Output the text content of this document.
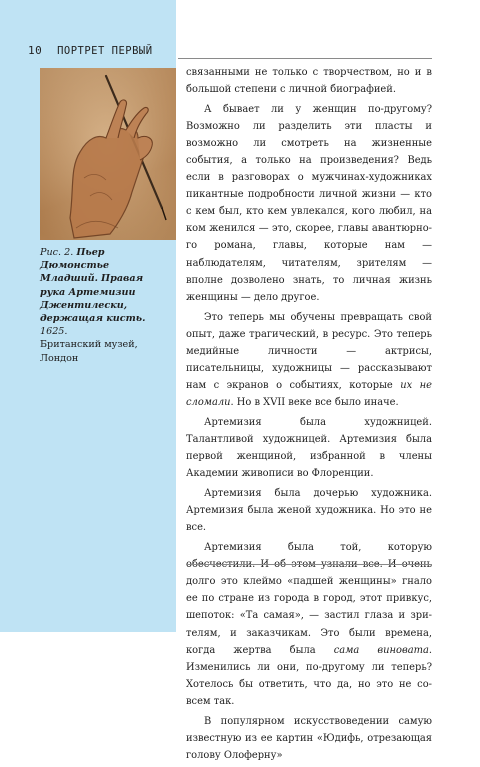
10 ПОРТРЕТ ПЕРВЫЙ
Рис. 2. Пьер Дюмонстье Младший. Правая рука Артемизии Джентилески, держащая кисть. 1625.
Британский музей, Лондон

связанными не только с творчеством, но и в большой степени с личной биографией.

А бывает ли у женщин по-другому? Возможно ли разделить эти пласты и возможно ли смотреть на жизненные события, а только на произведения? Ведь если в разговорах о мужчинах-художниках пикантные подробности личной жизни — кто с кем был, кто кем увлекался, кого любил, на ком женился — это, скорее, главы авантюрного романа, главы, которые нам — наблюдателям, читателям, зрителям — вполне дозволено знать, то личная жизнь женщины — дело другое.

Это теперь мы обучены превращать свой опыт, даже трагический, в ресурс. Это теперь медийные личности — актрисы, писательницы, художницы — рассказывают нам с экранов о событиях, которые их не сломали. Но в XVII веке все было иначе.

Артемизия была художницей. Талантливой художницей. Артемизия была первой женщиной, избранной в члены Академии живописи во Флоренции.

Артемизия была дочерью художника. Артемизия была женой художника. Но это не все.

Артемизия была той, которую долго это клеймо «падшей женщины» гнало ее по стране из города в город, этот привкус, шепоток: «Та самая», — застил глаза и зрителям, и заказчикам. Это были времена, когда жертва была сама виновата. Изменились ли они, по-другому ли теперь? Хотелось бы ответить, что да, но это не совсем так.

В популярном искусствоведении самую известную из ее картин «Юдифь, отрезающая голову Олоферну»
